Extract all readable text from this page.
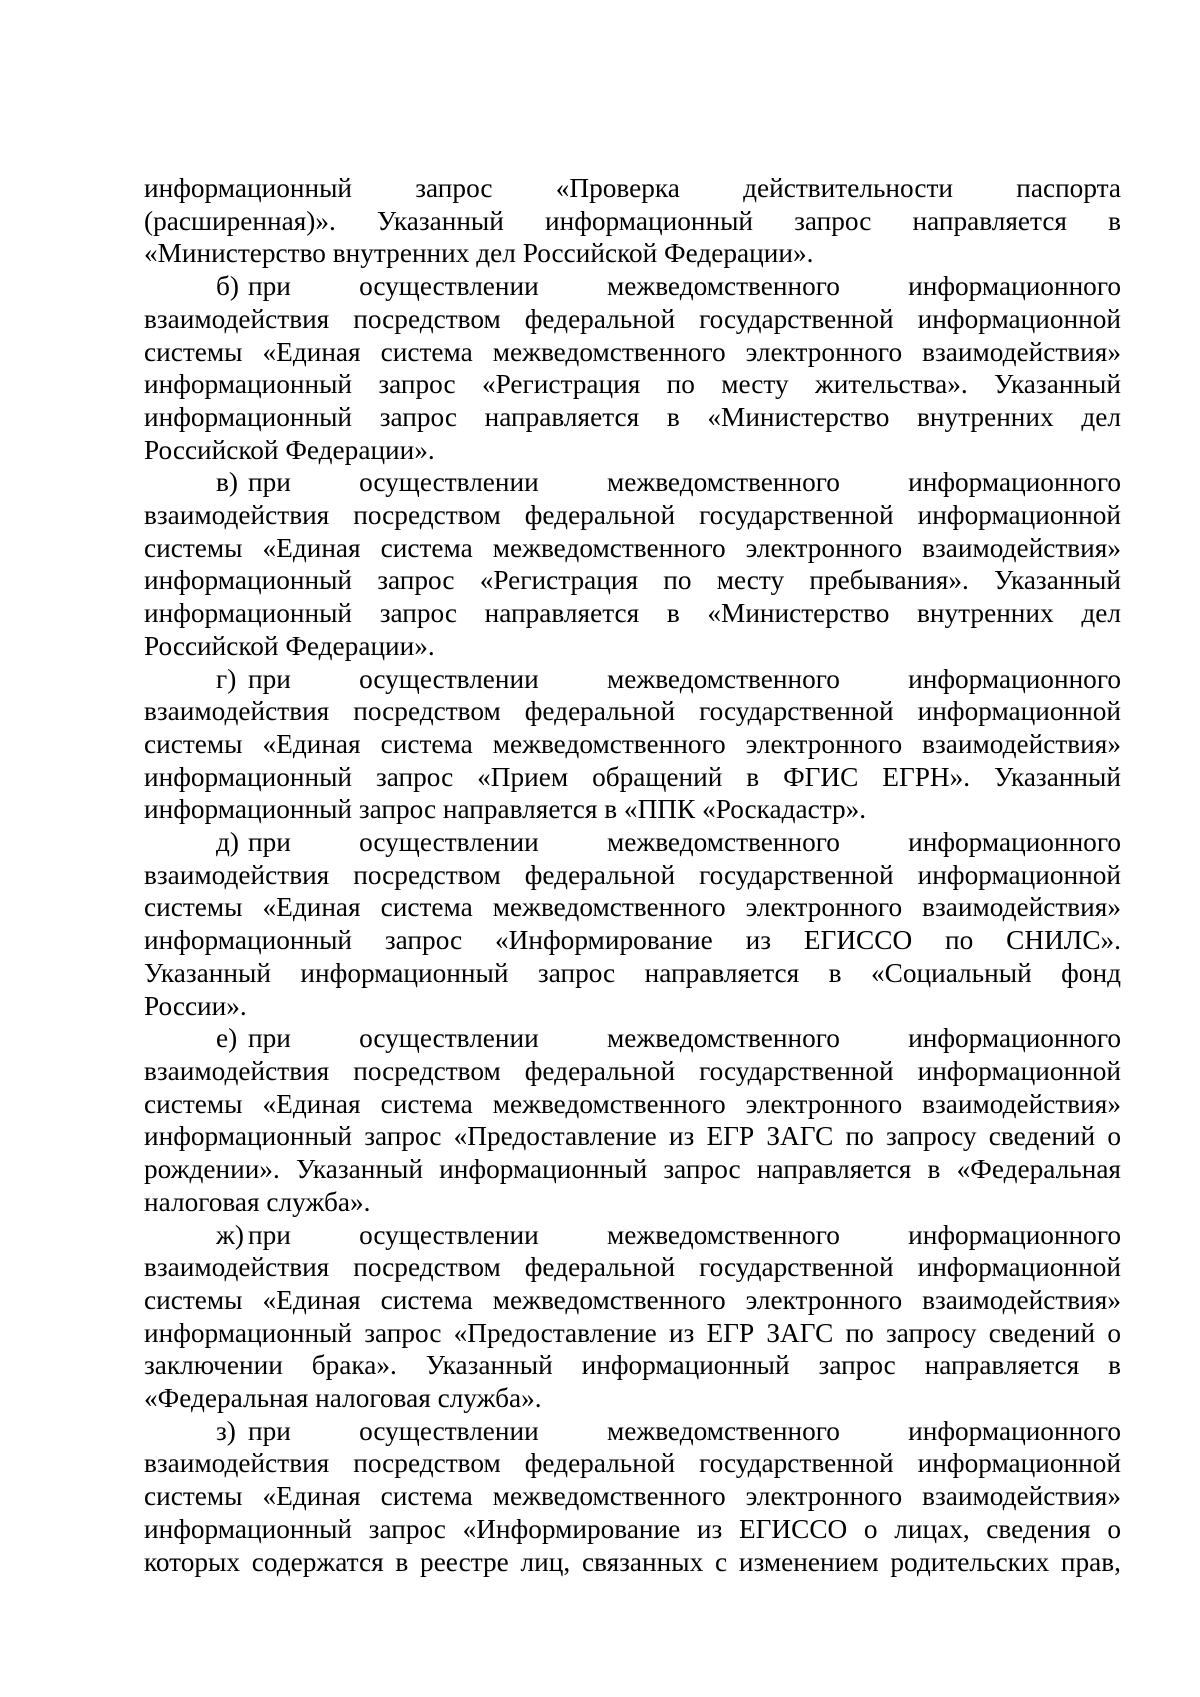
информационный запрос «Проверка действительности паспорта
(расширенная)». Указанный информационный запрос направляется в
«Министерство внутренних дел Российской Федерации».
б) при осуществлении межведомственного информационного
взаимодействия посредством федеральной государственной информационной
системы «Единая система межведомственного электронного взаимодействия»
информационный запрос «Регистрация по месту жительства». Указанный
информационный запрос направляется в «Министерство внутренних дел
Российской Федерации».
в) при осуществлении межведомственного информационного
взаимодействия посредством федеральной государственной информационной
системы «Единая система межведомственного электронного взаимодействия»
информационный запрос «Регистрация по месту пребывания». Указанный
информационный запрос направляется в «Министерство внутренних дел
Российской Федерации».
г) при осуществлении межведомственного информационного
взаимодействия посредством федеральной государственной информационной
системы «Единая система межведомственного электронного взаимодействия»
информационный запрос «Прием обращений в ФГИС ЕГРН». Указанный
информационный запрос направляется в «ППК «Роскадастр».
д) при осуществлении межведомственного информационного
взаимодействия посредством федеральной государственной информационной
системы «Единая система межведомственного электронного взаимодействия»
информационный запрос «Информирование из ЕГИССО по СНИЛС».
Указанный информационный запрос направляется в «Социальный фонд
России».
е) при осуществлении межведомственного информационного
взаимодействия посредством федеральной государственной информационной
системы «Единая система межведомственного электронного взаимодействия»
информационный запрос «Предоставление из ЕГР ЗАГС по запросу сведений о
рождении». Указанный информационный запрос направляется в «Федеральная
налоговая служба».
ж) при осуществлении межведомственного информационного
взаимодействия посредством федеральной государственной информационной
системы «Единая система межведомственного электронного взаимодействия»
информационный запрос «Предоставление из ЕГР ЗАГС по запросу сведений о
заключении брака». Указанный информационный запрос направляется в
«Федеральная налоговая служба».
з) при осуществлении межведомственного информационного
взаимодействия посредством федеральной государственной информационной
системы «Единая система межведомственного электронного взаимодействия»
информационный запрос «Информирование из ЕГИССО о лицах, сведения о
которых содержатся в реестре лиц, связанных с изменением родительских прав,
